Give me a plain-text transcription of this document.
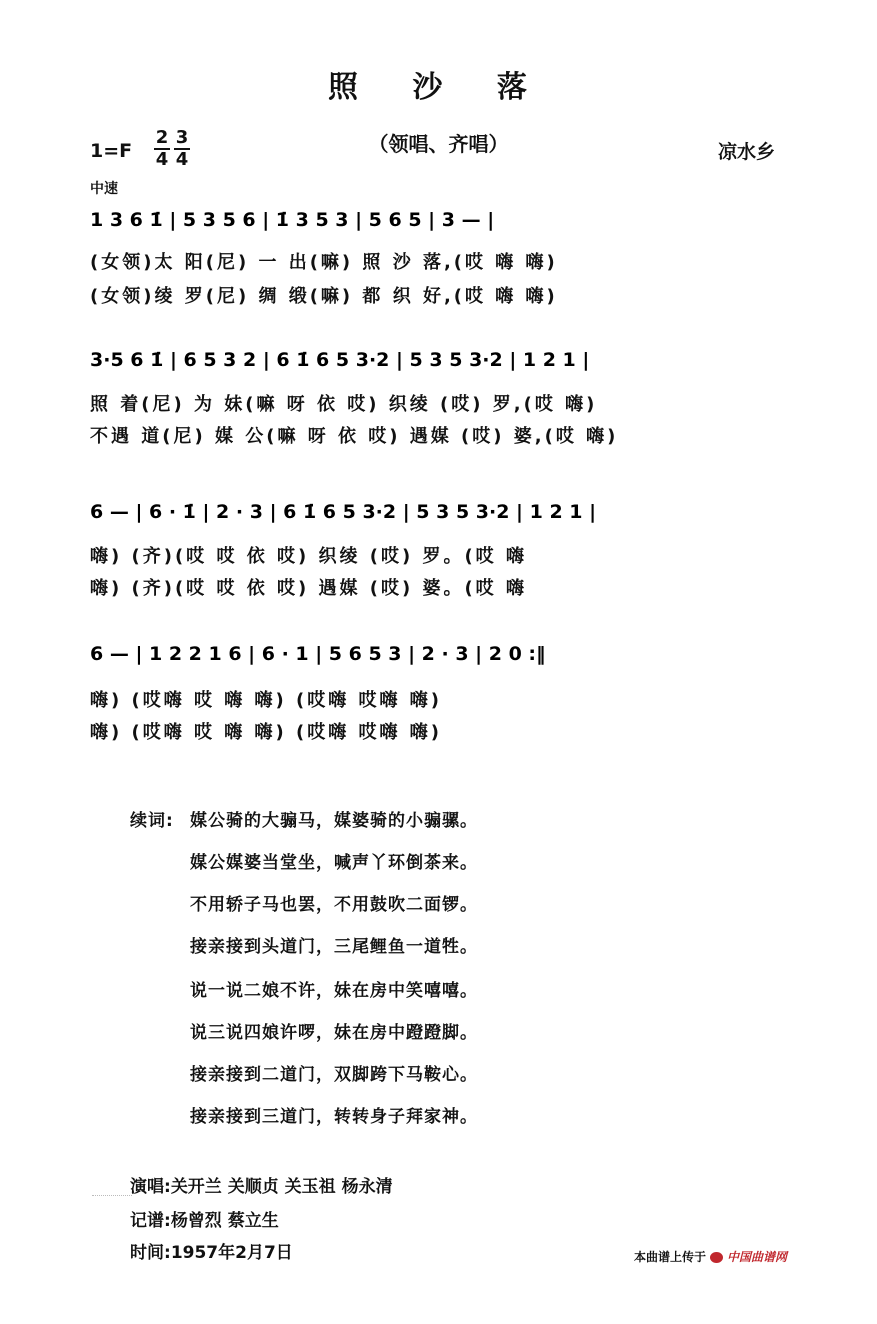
照 沙 落
（领唱、齐唱）
1=F
2
4
3
4	凉水乡
中速
1 3 6 1̇ | 5 3 5 6 | 1̇ 3 5 3 | 5 6 5 | 3 — |
(女领)太 阳(尼) 一 出(嘛) 照 沙 落,(哎 嗨 嗨)
(女领)绫 罗(尼) 绸 缎(嘛) 都 织 好,(哎 嗨 嗨)
3·5 6 1̇ | 6 5 3 2 | 6 1̇ 6 5 3·2 | 5 3 5 3·2 | 1 2 1 |
照 着(尼) 为 妹(嘛 呀 依 哎) 织绫 (哎) 罗,(哎 嗨)
不遇 道(尼) 媒 公(嘛 呀 依 哎) 遇媒 (哎) 婆,(哎 嗨)
6 — | 6 · 1̇ | 2 · 3 | 6 1̇ 6 5 3·2 | 5 3 5 3·2 | 1 2 1 |
嗨) (齐)(哎 哎 依 哎) 织绫 (哎) 罗。(哎 嗨
嗨) (齐)(哎 哎 依 哎) 遇媒 (哎) 婆。(哎 嗨
6 — | 1 2 2 1 6 | 6 · 1 | 5 6 5 3 | 2 · 3 | 2 0 :‖
嗨) (哎嗨 哎 嗨 嗨) (哎嗨 哎嗨 嗨)
嗨) (哎嗨 哎 嗨 嗨) (哎嗨 哎嗨 嗨)
续词: 媒公骑的大骟马，媒婆骑的小骟骡。
媒公媒婆当堂坐，喊声丫环倒茶来。
不用轿子马也罢，不用鼓吹二面锣。
接亲接到头道门，三尾鲤鱼一道牲。
说一说二娘不许，妹在房中笑嘻嘻。
说三说四娘许啰，妹在房中蹬蹬脚。
接亲接到二道门，双脚跨下马鞍心。
接亲接到三道门，转转身子拜家神。
演唱:关开兰 关顺贞 关玉祖 杨永清
记谱:杨曾烈 蔡立生
时间:1957年2月7日	本曲谱上传于 中国曲谱网
